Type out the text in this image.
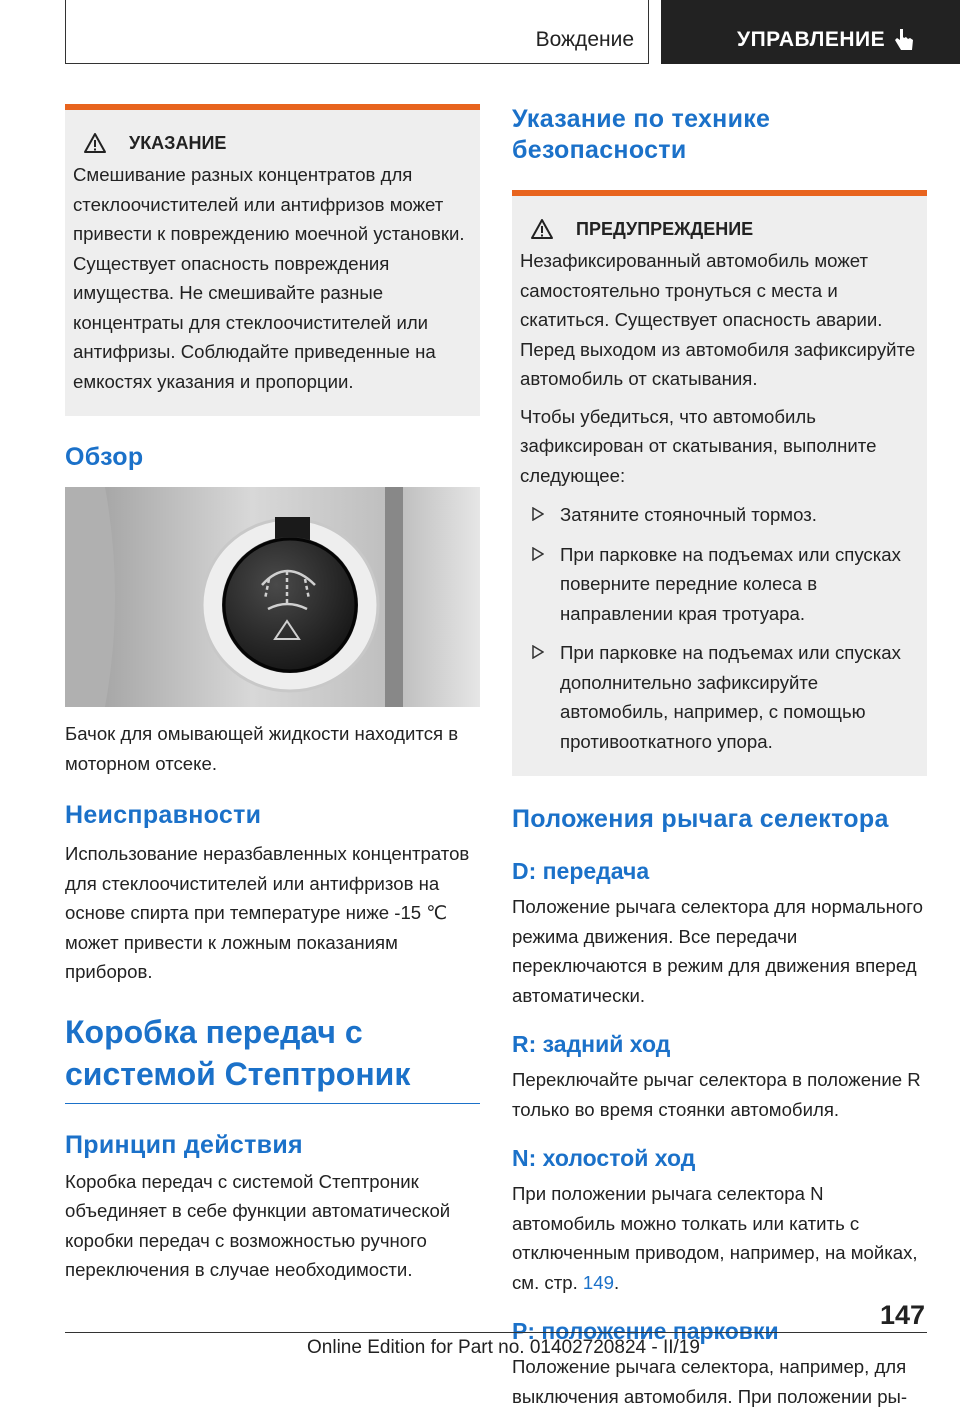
Вождение	УПРАВЛЕНИЕ
УКАЗАНИЕ

Смешивание разных концентратов для стеклоочистителей или антифризов может привести к повреждению моечной установки. Существует опасность повреждения имущества. Не смешивайте разные концентраты для стеклоочистителей или антифризы. Соблюдайте приведенные на емкостях указания и пропорции.

Обзор

Бачок для омывающей жидкости находится в моторном отсеке.

Неисправности

Использование неразбавленных концентратов для стеклоочистителей или антифризов на основе спирта при температуре ниже -15 ℃ может привести к ложным показаниям приборов.

Коробка передач с системой Стептроник
Принцип действия

Коробка передач с системой Стептроник объединяет в себе функции автоматической коробки передач с возможностью ручного переключения в случае необходимости.

Указание по технике безопасности
ПРЕДУПРЕЖДЕНИЕ

Незафиксированный автомобиль может самостоятельно тронуться с места и скатиться. Существует опасность аварии. Перед выходом из автомобиля зафиксируйте автомобиль от скатывания.

Чтобы убедиться, что автомобиль зафиксирован от скатывания, выполните следующее:

Затяните стояночный тормоз.
При парковке на подъемах или спусках поверните передние колеса в направлении края тротуара.
При парковке на подъемах или спусках дополнительно зафиксируйте автомобиль, например, с помощью противооткатного упора.
Положения рычага селектора
D: передача

Положение рычага селектора для нормального режима движения. Все передачи переключаются в режим для движения вперед автоматически.

R: задний ход

Переключайте рычаг селектора в положение R только во время стоянки автомобиля.

N: холостой ход

При положении рычага селектора N автомобиль можно толкать или катить с отключенным приводом, например, на мойках, см. стр. 149.

P: положение парковки

Положение рычага селектора, например, для выключения автомобиля. При положении ры-

147
Online Edition for Part no. 01402720824 - II/19
